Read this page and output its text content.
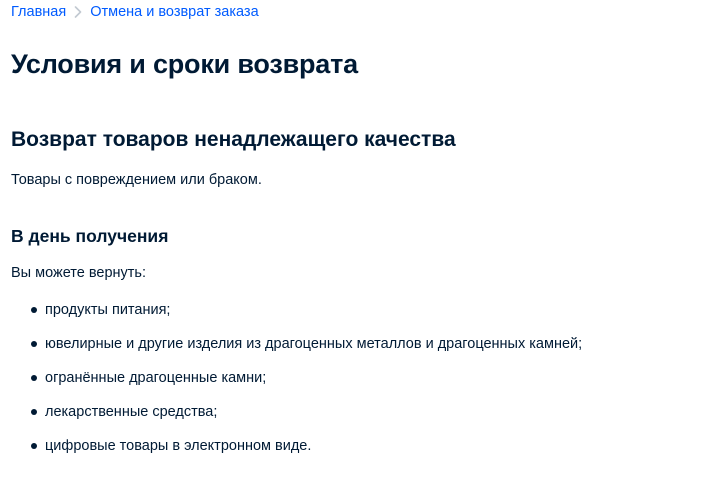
Главная Отмена и возврат заказа
Условия и сроки возврата
Возврат товаров ненадлежащего качества

Товары с повреждением или браком.

В день получения

Вы можете вернуть:

продукты питания;
ювелирные и другие изделия из драгоценных металлов и драгоценных камней;
огранённые драгоценные камни;
лекарственные средства;
цифровые товары в электронном виде.
